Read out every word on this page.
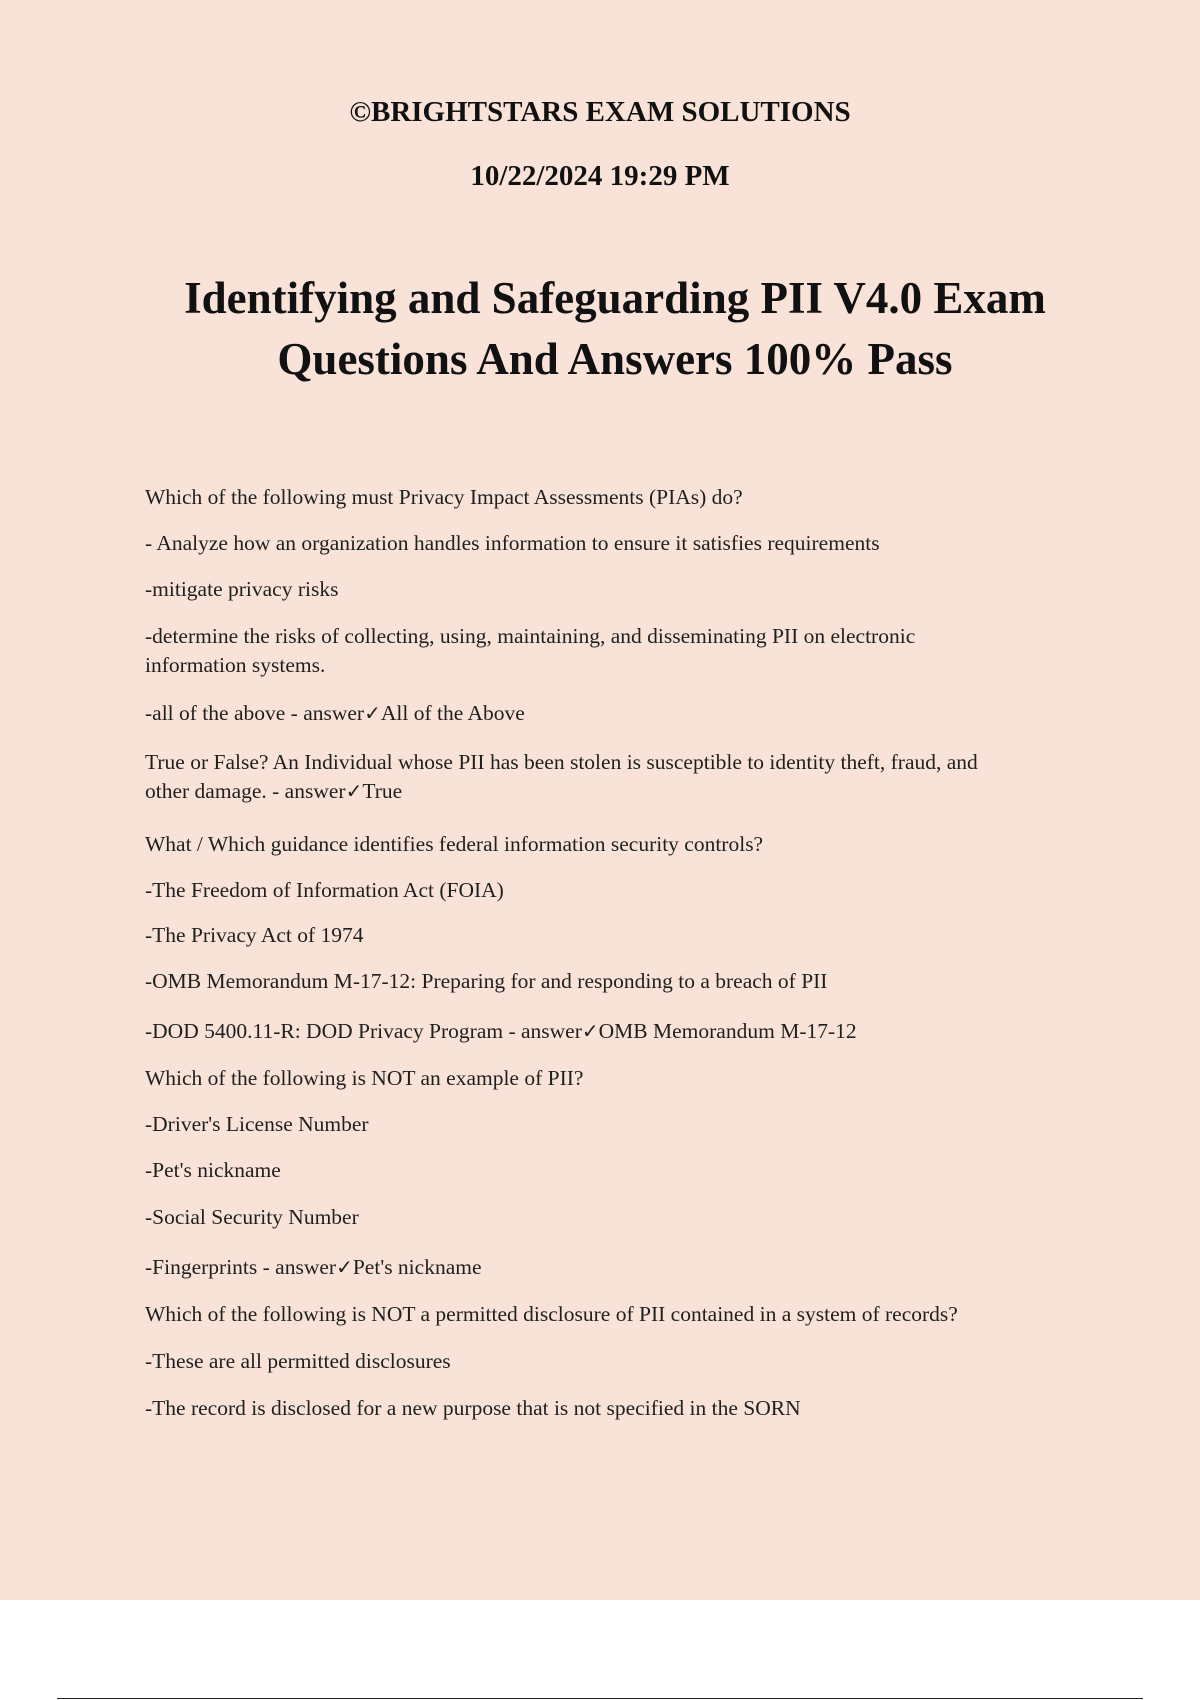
©BRIGHTSTARS EXAM SOLUTIONS
10/22/2024 19:29 PM
Identifying and Safeguarding PII V4.0 Exam
Questions And Answers 100% Pass

Which of the following must Privacy Impact Assessments (PIAs) do?

- Analyze how an organization handles information to ensure it satisfies requirements

-mitigate privacy risks

-determine the risks of collecting, using, maintaining, and disseminating PII on electronic
information systems.

-all of the above - answer✓All of the Above

True or False? An Individual whose PII has been stolen is susceptible to identity theft, fraud, and
other damage. - answer✓True

What / Which guidance identifies federal information security controls?

-The Freedom of Information Act (FOIA)

-The Privacy Act of 1974

-OMB Memorandum M-17-12: Preparing for and responding to a breach of PII

-DOD 5400.11-R: DOD Privacy Program - answer✓OMB Memorandum M-17-12

Which of the following is NOT an example of PII?

-Driver's License Number

-Pet's nickname

-Social Security Number

-Fingerprints - answer✓Pet's nickname

Which of the following is NOT a permitted disclosure of PII contained in a system of records?

-These are all permitted disclosures

-The record is disclosed for a new purpose that is not specified in the SORN
